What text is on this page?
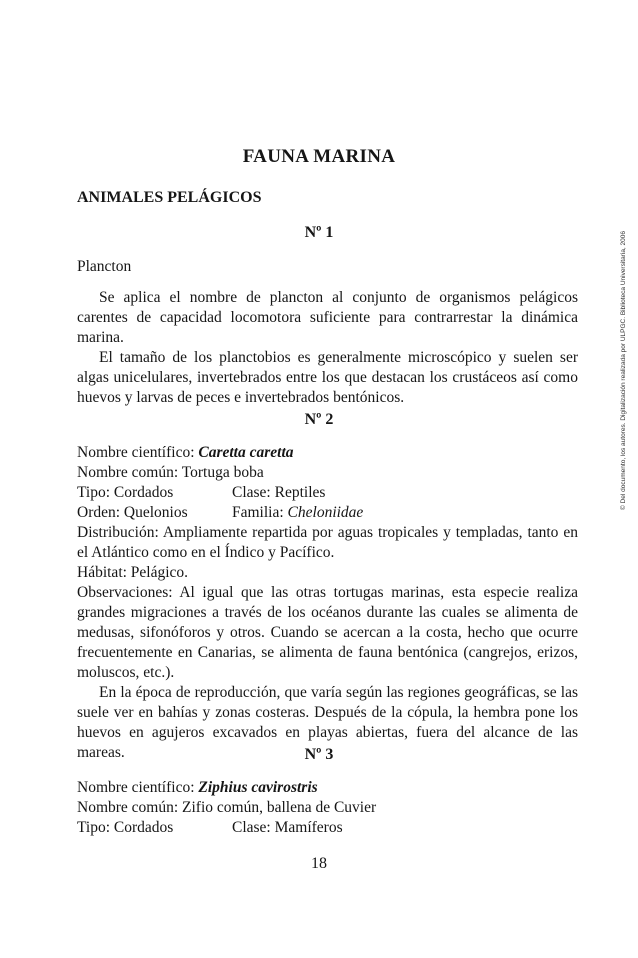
FAUNA MARINA
ANIMALES PELÁGICOS
Nº 1

Plancton

Se aplica el nombre de plancton al conjunto de organismos pelágicos carentes de capacidad locomotora suficiente para contrarrestar la dinámica marina.

El tamaño de los planctobios es generalmente microscópico y suelen ser algas unicelulares, invertebrados entre los que destacan los crustáceos así como huevos y larvas de peces e invertebrados bentónicos.

Nº 2

Nombre científico: Caretta caretta

Nombre común: Tortuga boba

Tipo: Cordados	Clase: Reptiles

Orden: Quelonios	Familia: Cheloniidae

Distribución: Ampliamente repartida por aguas tropicales y templadas, tanto en el Atlántico como en el Índico y Pacífico.

Hábitat: Pelágico.

Observaciones: Al igual que las otras tortugas marinas, esta especie realiza grandes migraciones a través de los océanos durante las cuales se alimenta de medusas, sifonóforos y otros. Cuando se acercan a la costa, hecho que ocurre frecuentemente en Canarias, se alimenta de fauna bentónica (cangrejos, erizos, moluscos, etc.).

En la época de reproducción, que varía según las regiones geográficas, se las suele ver en bahías y zonas costeras. Después de la cópula, la hembra pone los huevos en agujeros excavados en playas abiertas, fuera del alcance de las mareas.	Nº 3

Nombre científico: Ziphius cavirostris

Nombre común: Zifio común, ballena de Cuvier

Tipo: Cordados	Clase: Mamíferos

18
© Del documento, los autores. Digitalización realizada por ULPGC. Biblioteca Universitaria, 2006
